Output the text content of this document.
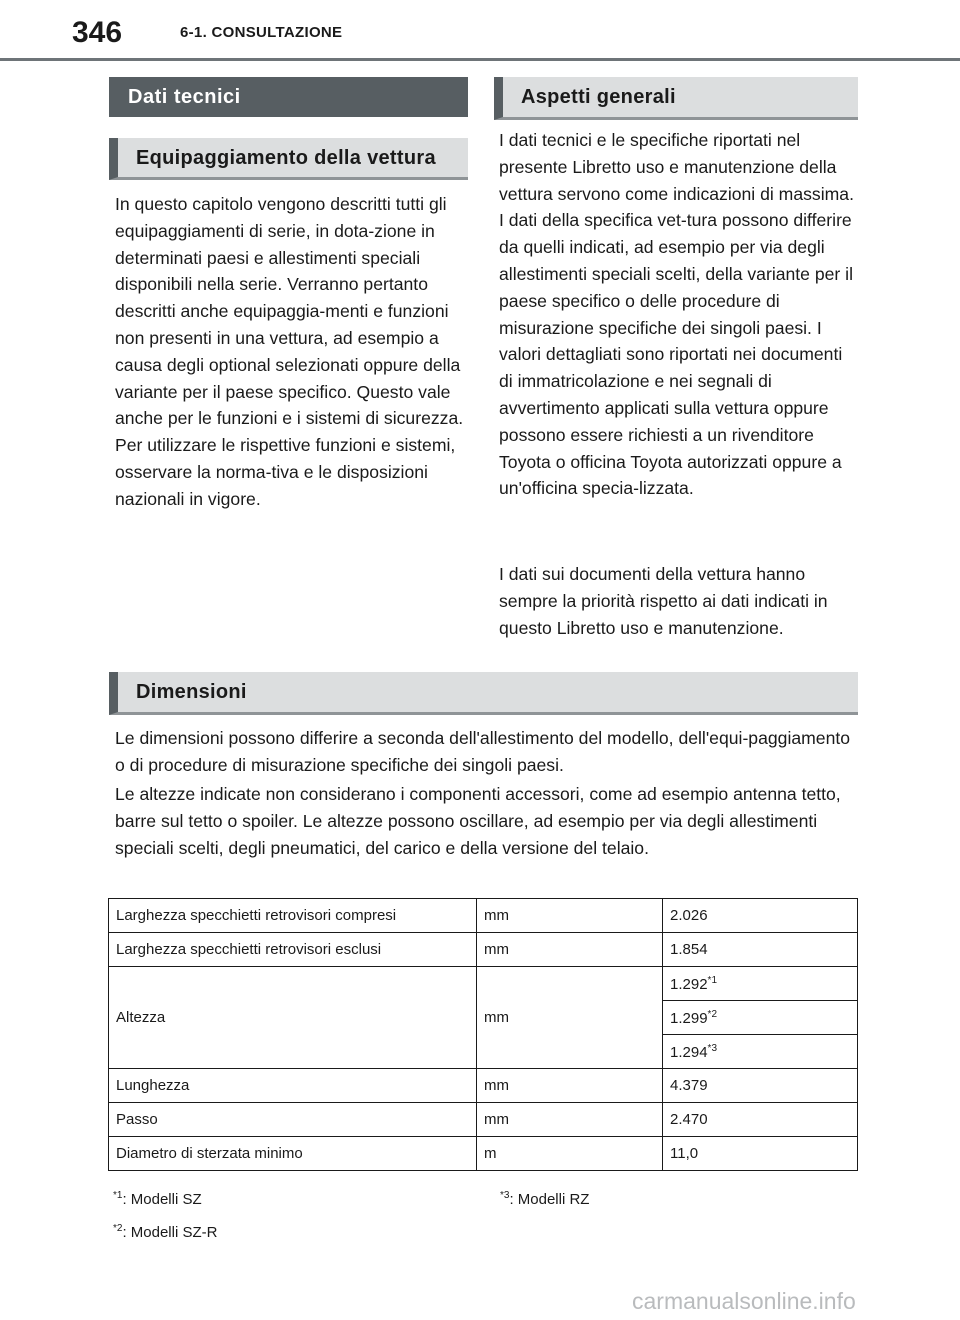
346	6-1. CONSULTAZIONE
Dati tecnici
Equipaggiamento della vettura

In questo capitolo vengono descritti tutti gli equipaggiamenti di serie, in dota-zione in determinati paesi e allestimenti speciali disponibili nella serie. Verranno pertanto descritti anche equipaggia-menti e funzioni non presenti in una vettura, ad esempio a causa degli optional selezionati oppure della variante per il paese specifico. Questo vale anche per le funzioni e i sistemi di sicurezza. Per utilizzare le rispettive funzioni e sistemi, osservare la norma-tiva e le disposizioni nazionali in vigore.

Aspetti generali

I dati tecnici e le specifiche riportati nel presente Libretto uso e manutenzione della vettura servono come indicazioni di massima. I dati della specifica vet-tura possono differire da quelli indicati, ad esempio per via degli allestimenti speciali scelti, della variante per il paese specifico o delle procedure di misurazione specifiche dei singoli paesi. I valori dettagliati sono riportati nei documenti di immatricolazione e nei segnali di avvertimento applicati sulla vettura oppure possono essere richiesti a un rivenditore Toyota o officina Toyota autorizzati oppure a un'officina specia-lizzata.

I dati sui documenti della vettura hanno sempre la priorità rispetto ai dati indicati in questo Libretto uso e manutenzione.

Dimensioni

Le dimensioni possono differire a seconda dell'allestimento del modello, dell'equi-paggiamento o di procedure di misurazione specifiche dei singoli paesi.

Le altezze indicate non considerano i componenti accessori, come ad esempio antenna tetto, barre sul tetto o spoiler. Le altezze possono oscillare, ad esempio per via degli allestimenti speciali scelti, degli pneumatici, del carico e della versione del telaio.

Larghezza specchietti retrovisori compresi	mm	2.026
Larghezza specchietti retrovisori esclusi	mm	1.854
Altezza	mm	1.292$^{*1}$
		1.299$^{*2}$
		1.294$^{*3}$
Lunghezza	mm	4.379
Passo	mm	2.470
Diametro di sterzata minimo	m	11,0
$^{*1}$: Modelli SZ
$^{*2}$: Modelli SZ-R
$^{*3}$: Modelli RZ
carmanualsonline.info
